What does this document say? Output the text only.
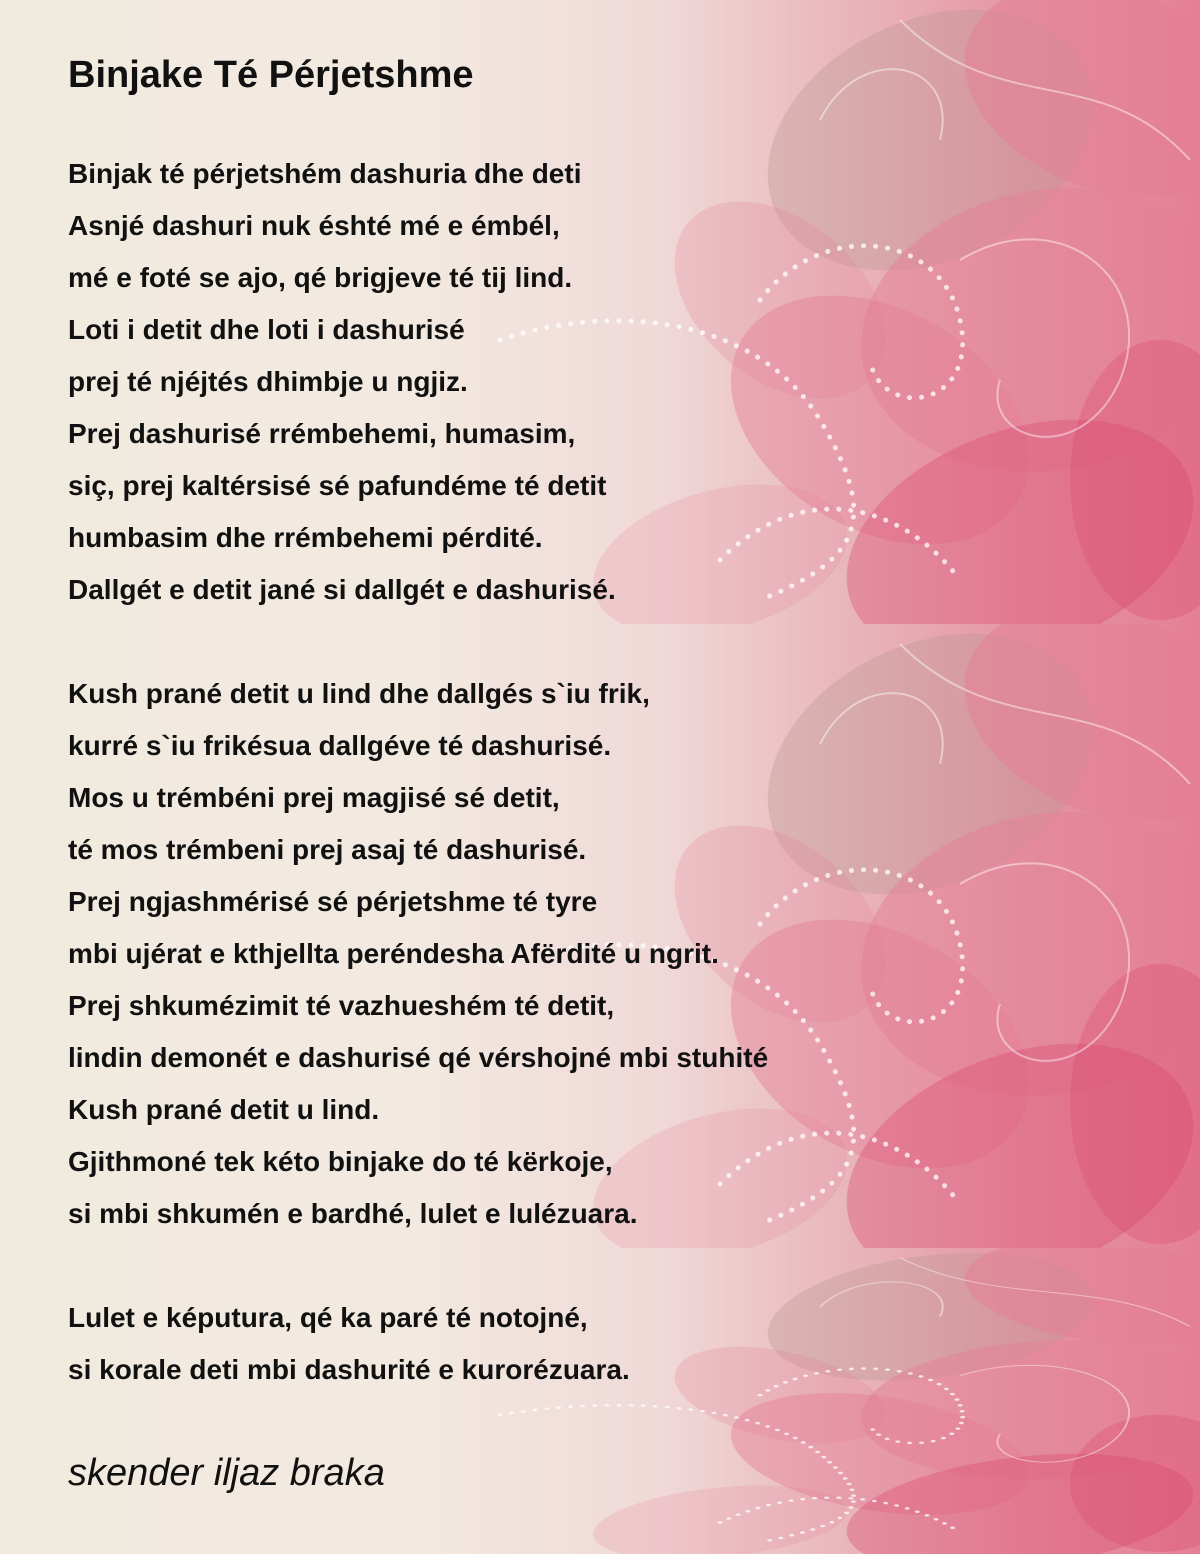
Binjake Té Pérjetshme
Binjak té pérjetshém dashuria dhe deti
Asnjé dashuri nuk éshté mé e émbél,
mé e foté se ajo, qé brigjeve té tij lind.
Loti i detit dhe loti i dashurisé
prej té njéjtés dhimbje u ngjiz.
Prej dashurisé rrémbehemi, humasim,
siç, prej kaltérsisé sé pafundéme té detit
humbasim dhe rrémbehemi pérdité.
Dallgét e detit jané si dallgét e dashurisé.
Kush prané detit u lind dhe dallgés s`iu frik,
kurré s`iu frikésua dallgéve té dashurisé.
Mos u trémbéni prej magjisé sé detit,
té mos trémbeni prej asaj té dashurisé.
Prej ngjashmérisé sé pérjetshme té tyre
mbi ujérat e kthjellta peréndesha Afërdité u ngrit.
Prej shkumézimit té vazhueshém té detit,
lindin demonét e dashurisé qé vérshojné mbi stuhité
Kush prané detit u lind.
Gjithmoné tek kéto binjake do té kërkoje,
si mbi shkumén e bardhé, lulet e lulézuara.
Lulet e képutura, qé ka paré té notojné,
si korale deti mbi dashurité e kurorézuara.

skender iljaz braka
